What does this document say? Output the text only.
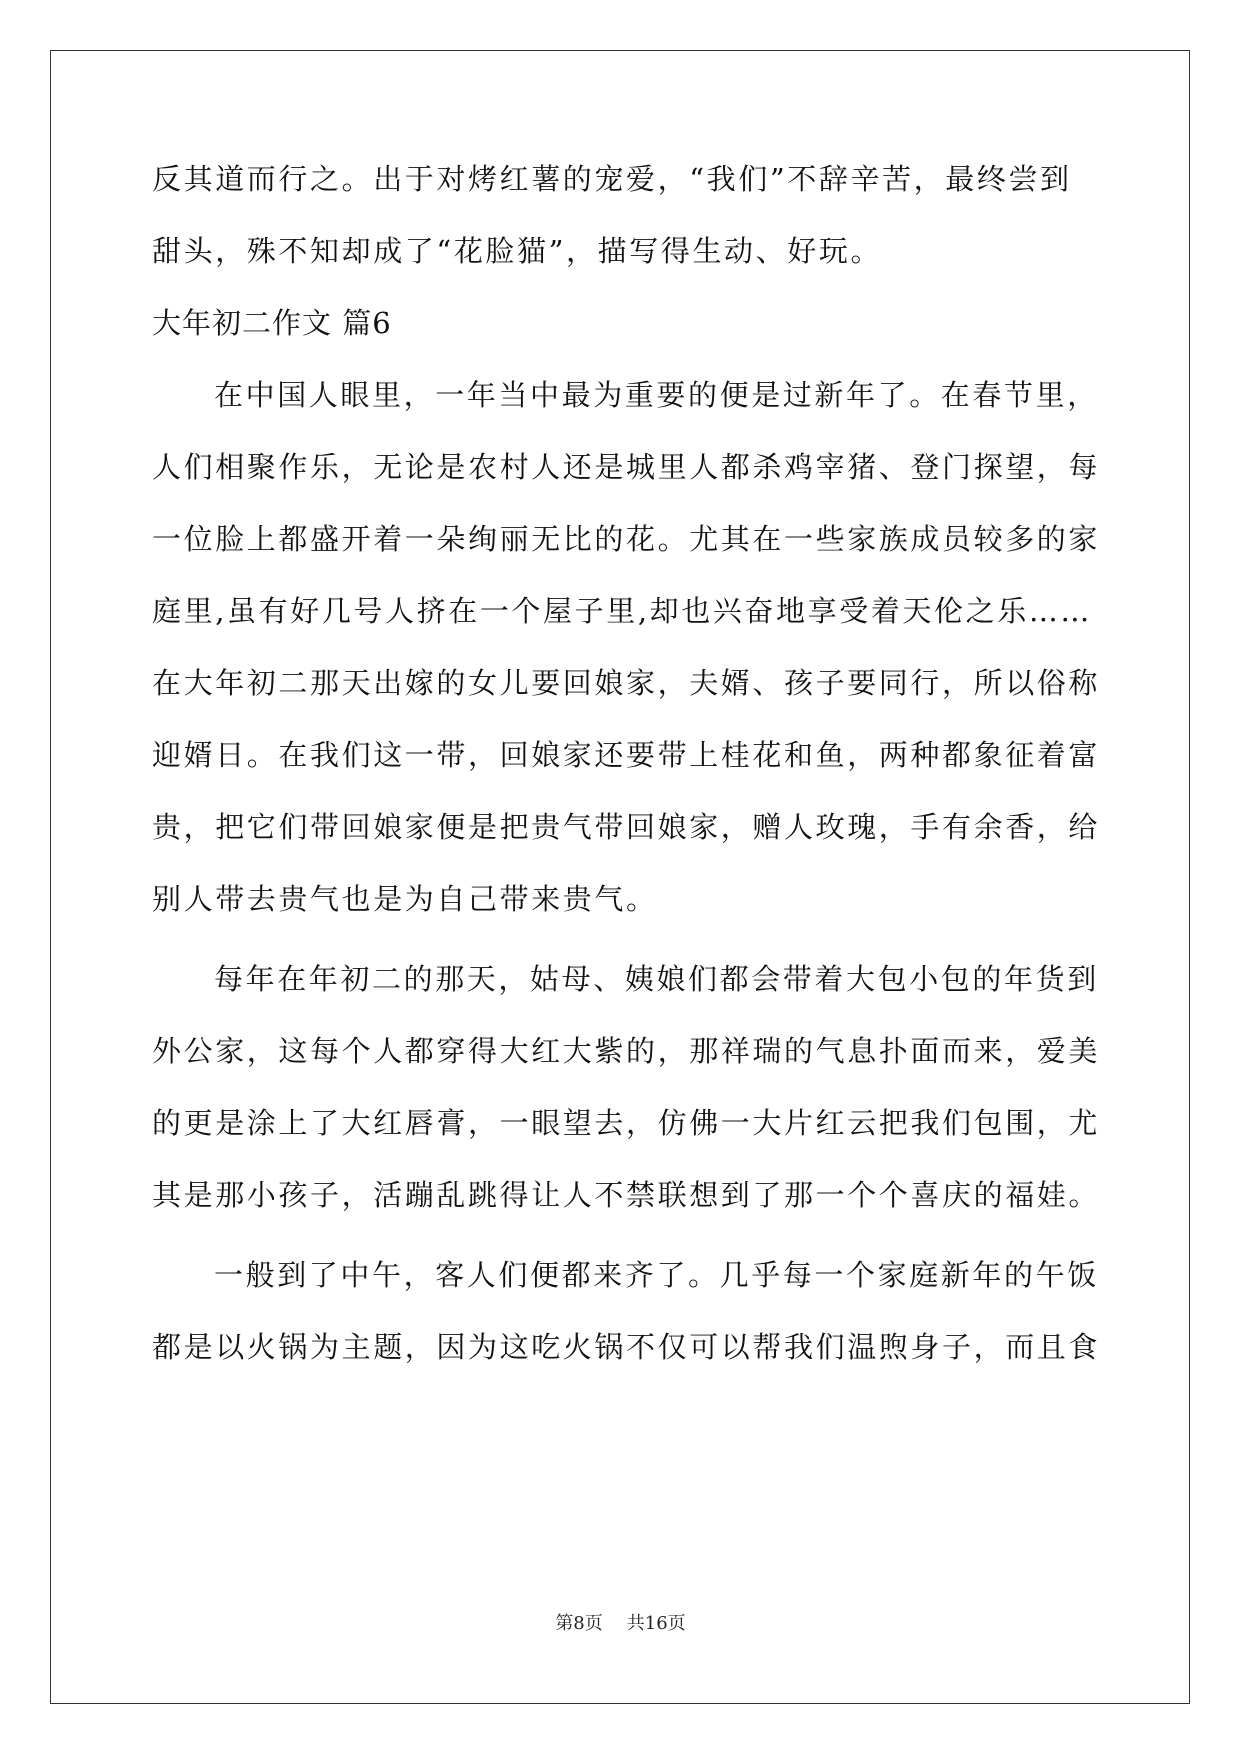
反其道而行之。出于对烤红薯的宠爱，“我们”不辞辛苦，最终尝到
甜头，殊不知却成了“花脸猫”，描写得生动、好玩。
大年初二作文 篇6
在中国人眼里，一年当中最为重要的便是过新年了。在春节里，
人们相聚作乐，无论是农村人还是城里人都杀鸡宰猪、登门探望，每
一位脸上都盛开着一朵绚丽无比的花。尤其在一些家族成员较多的家
庭里,虽有好几号人挤在一个屋子里,却也兴奋地享受着天伦之乐……
在大年初二那天出嫁的女儿要回娘家，夫婿、孩子要同行，所以俗称
迎婿日。在我们这一带，回娘家还要带上桂花和鱼，两种都象征着富
贵，把它们带回娘家便是把贵气带回娘家，赠人玫瑰，手有余香，给
别人带去贵气也是为自己带来贵气。
每年在年初二的那天，姑母、姨娘们都会带着大包小包的年货到
外公家，这每个人都穿得大红大紫的，那祥瑞的气息扑面而来，爱美
的更是涂上了大红唇膏，一眼望去，仿佛一大片红云把我们包围，尤
其是那小孩子，活蹦乱跳得让人不禁联想到了那一个个喜庆的福娃。
一般到了中午，客人们便都来齐了。几乎每一个家庭新年的午饭
都是以火锅为主题，因为这吃火锅不仅可以帮我们温煦身子，而且食
第8页 共16页
